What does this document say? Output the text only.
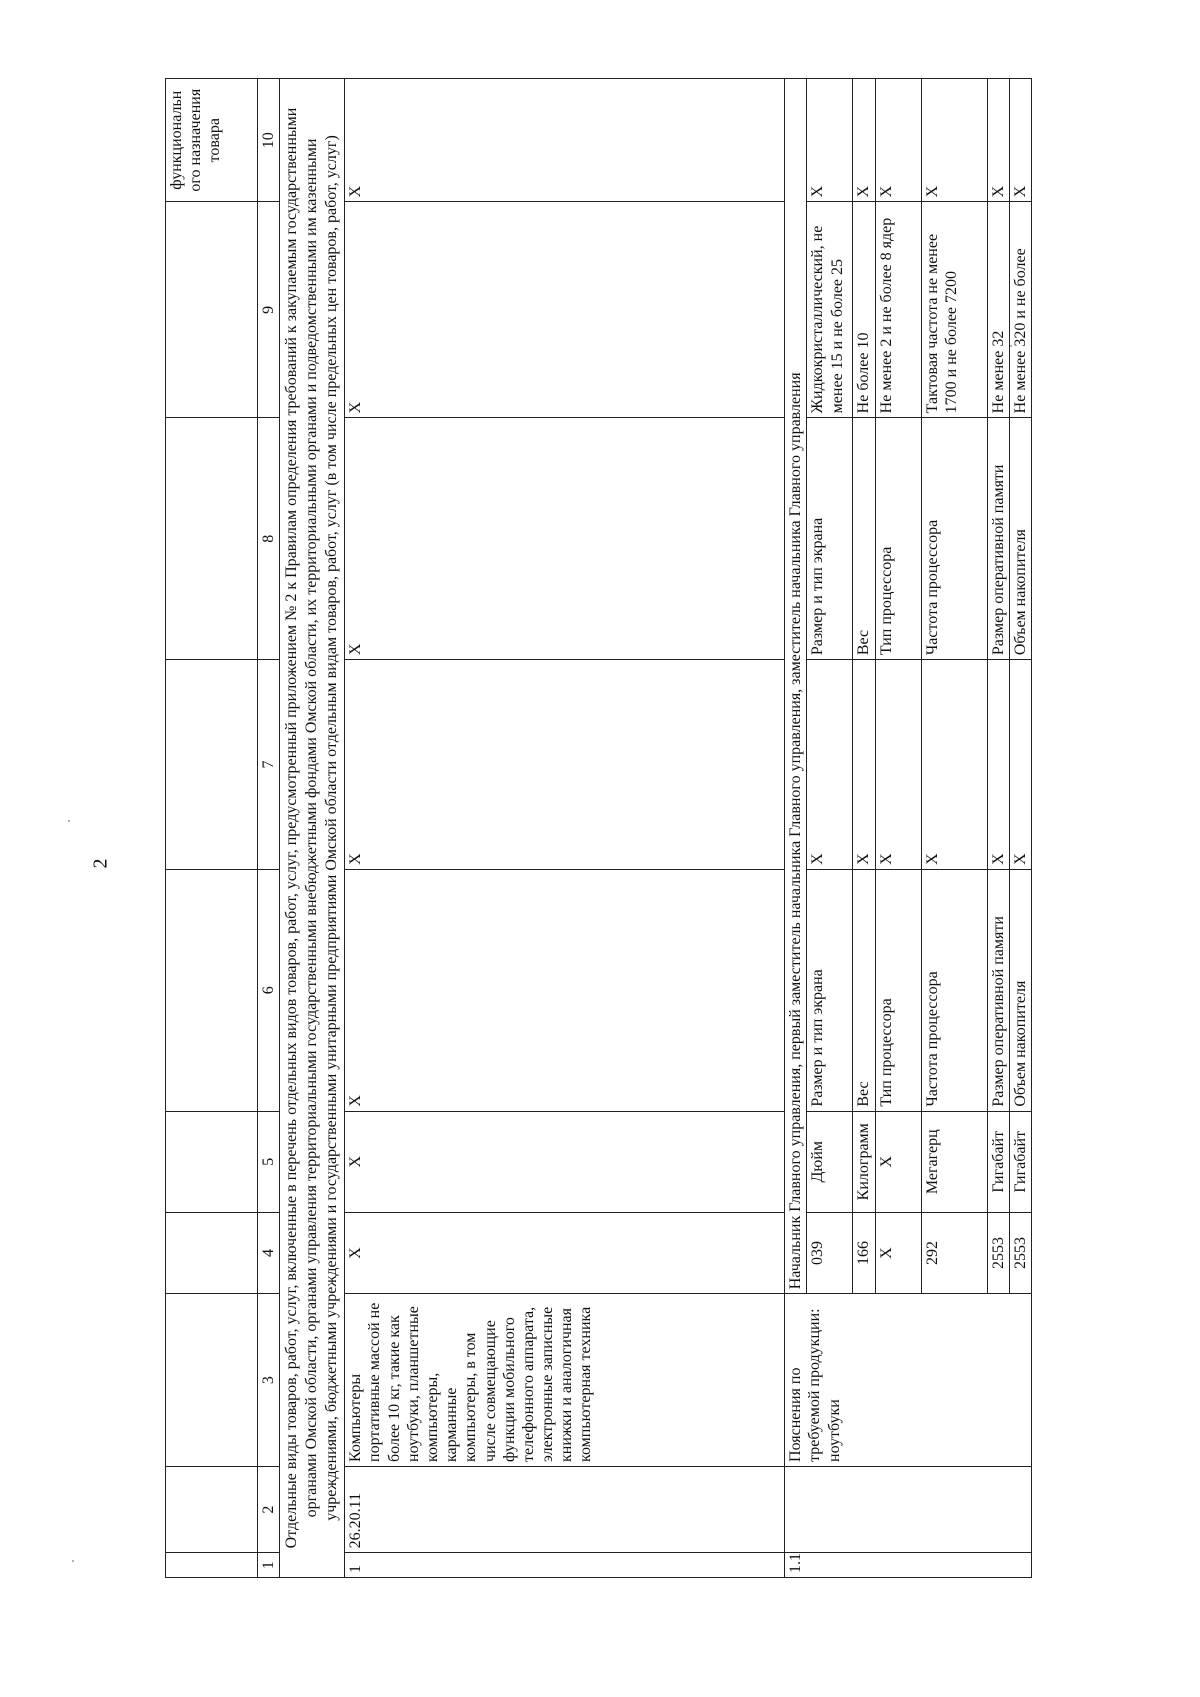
2
									функциональн ого назначения товара
1	2	3	4	5	6	7	8	9	10
Отдельные виды товаров, работ, услуг, включенные в перечень отдельных видов товаров, работ, услуг, предусмотренный приложением № 2 к Правилам определения требований к закупаемым государственными органами Омской области, органами управления территориальными государственными внебюджетными фондами Омской области, их территориальными органами и подведомственными им казенными учреждениями, бюджетными учреждениями и государственными унитарными предприятиями Омской области отдельным видам товаров, работ, услуг (в том числе предельных цен товаров, работ, услуг)									
1	26.20.11	Компьютеры портативные массой не более 10 кг, такие как ноутбуки, планшетные компьютеры, карманные компьютеры, в том числе совмещающие функции мобильного телефонного аппарата, электронные записные книжки и аналогичная компьютерная техника	X	X	X	X	X	X	X
1.1		Пояснения по требуемой продукции: ноутбуки	Начальник Главного управления, первый заместитель начальника Главного управления, заместитель начальника Главного управления						
			039	Дюйм	Размер и тип экрана	X	Размер и тип экрана	Жидкокристаллический, не менее 15 и не более 25	X
			166	Килограмм	Вес	X	Вес	Не более 10	X
			X	X	Тип процессора	X	Тип процессора	Не менее 2 и не более 8 ядер	X
			292	Мегагерц	Частота процессора	X	Частота процессора	Тактовая частота не менее 1700 и не более 7200	X
			2553	Гигабайт	Размер оперативной памяти	X	Размер оперативной памяти	Не менее 32	X
			2553	Гигабайт	Объем накопителя	X	Объем накопителя	Не менее 320 и не более	X
